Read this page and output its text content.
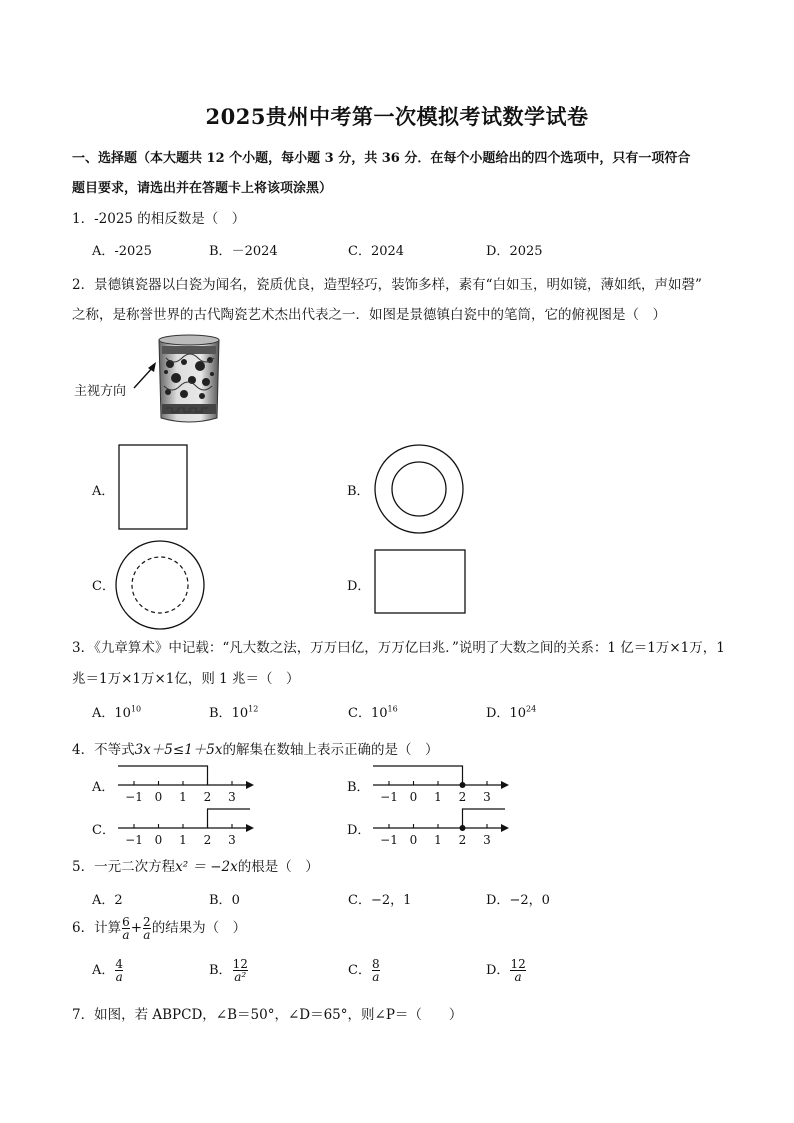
2025贵州中考第一次模拟考试数学试卷
一、选择题（本大题共 12 个小题，每小题 3 分，共 36 分．在每个小题给出的四个选项中，只有一项符合
题目要求，请选出并在答题卡上将该项涂黑）
1．-2025 的相反数是（　）
A．-2025	B．－2024	C．2024	D．2025
2．景德镇瓷器以白瓷为闻名，瓷质优良，造型轻巧，装饰多样，素有“白如玉，明如镜，薄如纸，声如磬”
之称，是称誉世界的古代陶瓷艺术杰出代表之一．如图是景德镇白瓷中的笔筒，它的俯视图是（　）
主视方向
A．	B．
C．	D．
3．《九章算术》中记载：“凡大数之法，万万曰亿，万万亿曰兆．”说明了大数之间的关系：1 亿＝1万×1万，1
兆＝1万×1万×1亿，则 1 兆＝（　）
A．$10^{10}$	B．$10^{12}$	C．$10^{16}$	D．$10^{24}$
4．不等式3x＋5≤1＋5x的解集在数轴上表示正确的是（　）
A．
−1 0 1 2 3
B．
−1 0 1 2 3
C．
−1 0 1 2 3
D．
−1 0 1 2 3
5．一元二次方程x² ＝ −2x的根是（　）
A．2	B．0	C．−2，1	D．−2，0
6．计算 $\frac{6}{a} + \frac{2}{a}$ 的结果为（　）
A． $\frac{4}{a}$	B． $\frac{12}{\text{a²}}$	C． $\frac{8}{a}$	D． $\frac{12}{a}$
7．如图，若 ABPCD，∠B＝50°，∠D＝65°，则∠P＝（　　）
